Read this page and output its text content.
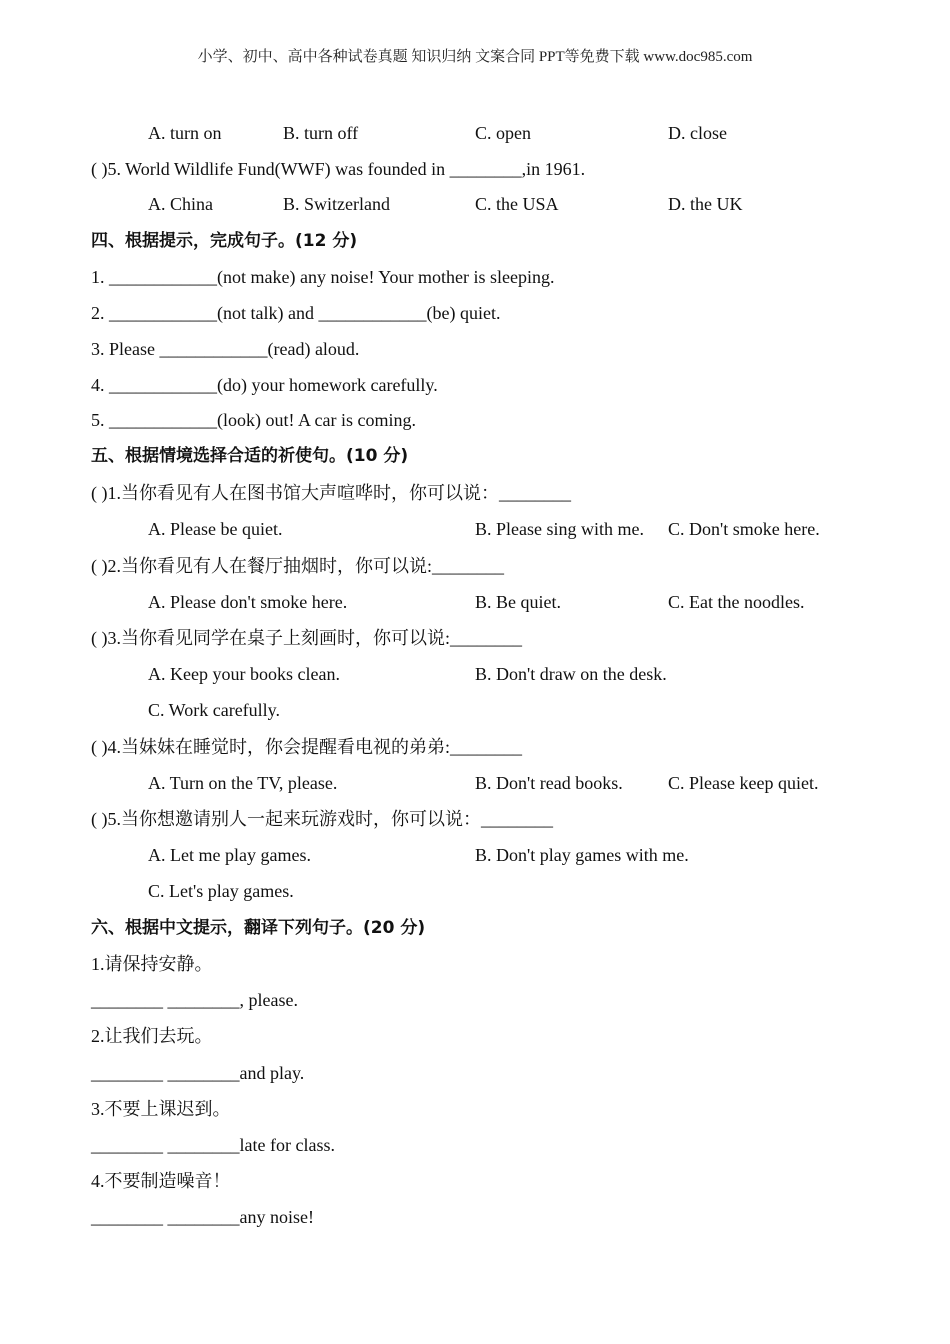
小学、初中、高中各种试卷真题 知识归纳 文案合同 PPT等免费下载 www.doc985.com
A. turn on	B. turn off	C. open	D. close
( )5. World Wildlife Fund(WWF) was founded in ________,in 1961.
A. China	B. Switzerland	C. the USA	D. the UK
四、根据提示，完成句子。(12 分)
1. ____________(not make) any noise! Your mother is sleeping.
2. ____________(not talk) and ____________(be) quiet.
3. Please ____________(read) aloud.
4. ____________(do) your homework carefully.
5. ____________(look) out! A car is coming.
五、根据情境选择合适的祈使句。(10 分)
( )1.当你看见有人在图书馆大声喧哗时，你可以说：________
A. Please be quiet.	B. Please sing with me. C. Don't smoke here.
( )2.当你看见有人在餐厅抽烟时，你可以说:________
A. Please don't smoke here.	B. Be quiet.	C. Eat the noodles.
( )3.当你看见同学在桌子上刻画时，你可以说:________
A. Keep your books clean.	B. Don't draw on the desk.
C. Work carefully.
( )4.当妹妹在睡觉时，你会提醒看电视的弟弟:________
A. Turn on the TV, please.	B. Don't read books.	C. Please keep quiet.
( )5.当你想邀请别人一起来玩游戏时，你可以说：________
A. Let me play games.	B. Don't play games with me.
C. Let's play games.
六、根据中文提示，翻译下列句子。(20 分)
1.请保持安静。
________ ________, please.
2.让我们去玩。
________ ________and play.
3.不要上课迟到。
________ ________late for class.
4.不要制造噪音！
________ ________any noise!
